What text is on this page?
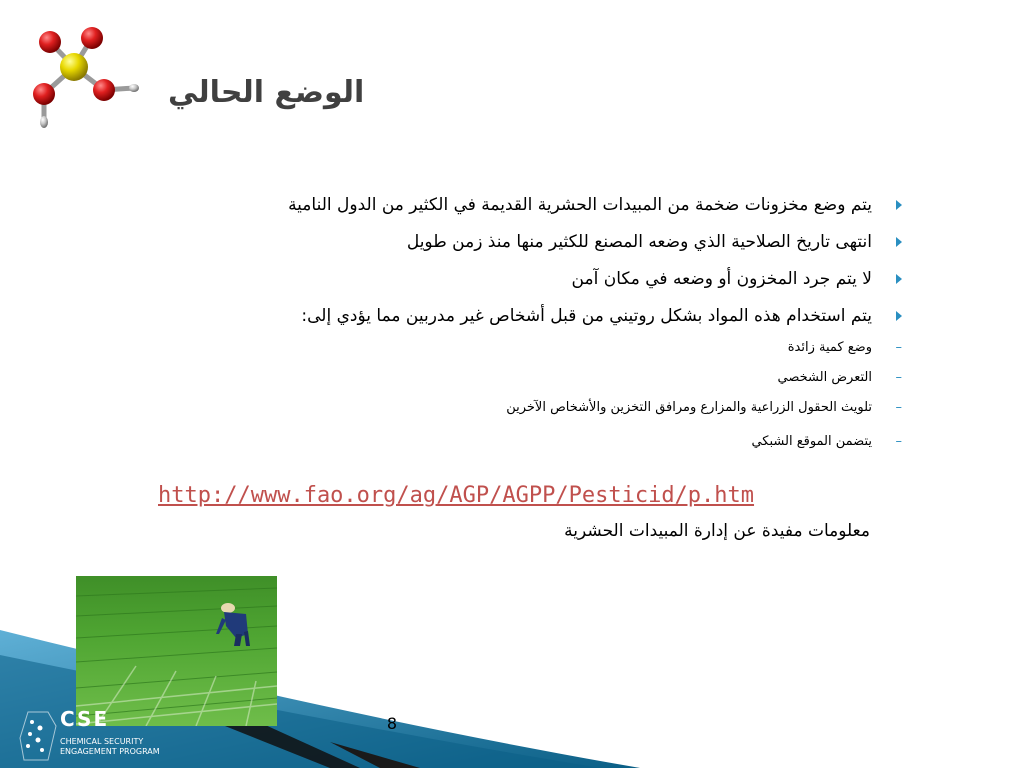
الوضع الحالي
يتم وضع مخزونات ضخمة من المبيدات الحشرية القديمة في الكثير من الدول النامية
انتهى تاريخ الصلاحية الذي وضعه المصنع للكثير منها منذ زمن طويل
لا يتم جرد المخزون أو وضعه في مكان آمن
يتم استخدام هذه المواد بشكل روتيني من قبل أشخاص غير مدربين مما يؤدي إلى:
–
وضع كمية زائدة
–
التعرض الشخصي
–
تلويث الحقول الزراعية والمزارع ومرافق التخزين والأشخاص الآخرين
–
يتضمن الموقع الشبكي
http://www.fao.org/ag/AGP/AGPP/Pesticid/p.htm
معلومات مفيدة عن إدارة المبيدات الحشرية
CSE
CHEMICAL SECURITY
ENGAGEMENT PROGRAM
8
